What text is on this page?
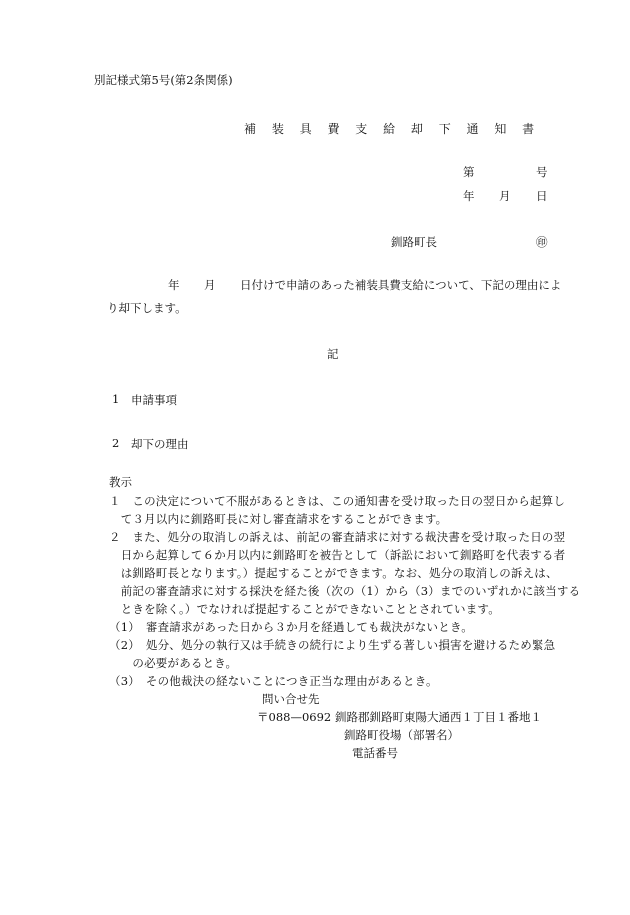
別記様式第5号(第2条関係)
補 装 具 費 支 給 却 下 通 知 書
第	号
年 月 日
釧路町長	㊞
年 月 日付けで申請のあった補装具費支給について、下記の理由によ
り却下します。
記
1 申請事項
2 却下の理由
教示
１　この決定について不服があるときは、この通知書を受け取った日の翌日から起算し
　て３月以内に釧路町長に対し審査請求をすることができます。
２　また、処分の取消しの訴えは、前記の審査請求に対する裁決書を受け取った日の翌
　日から起算して６か月以内に釧路町を被告として（訴訟において釧路町を代表する者
　は釧路町長となります。）提起することができます。なお、処分の取消しの訴えは、
　前記の審査請求に対する採決を経た後（次の（1）から（3）までのいずれかに該当する
　ときを除く。）でなければ提起することができないこととされています。
（1）　審査請求があった日から３か月を経過しても裁決がないとき。
（2）　処分、処分の執行又は手続きの続行により生ずる著しい損害を避けるため緊急
　　の必要があるとき。
（3）　その他裁決の経ないことにつき正当な理由があるとき。
問い合せ先
〒088—0692 釧路郡釧路町東陽大通西１丁目１番地１
釧路町役場（部署名）
電話番号
